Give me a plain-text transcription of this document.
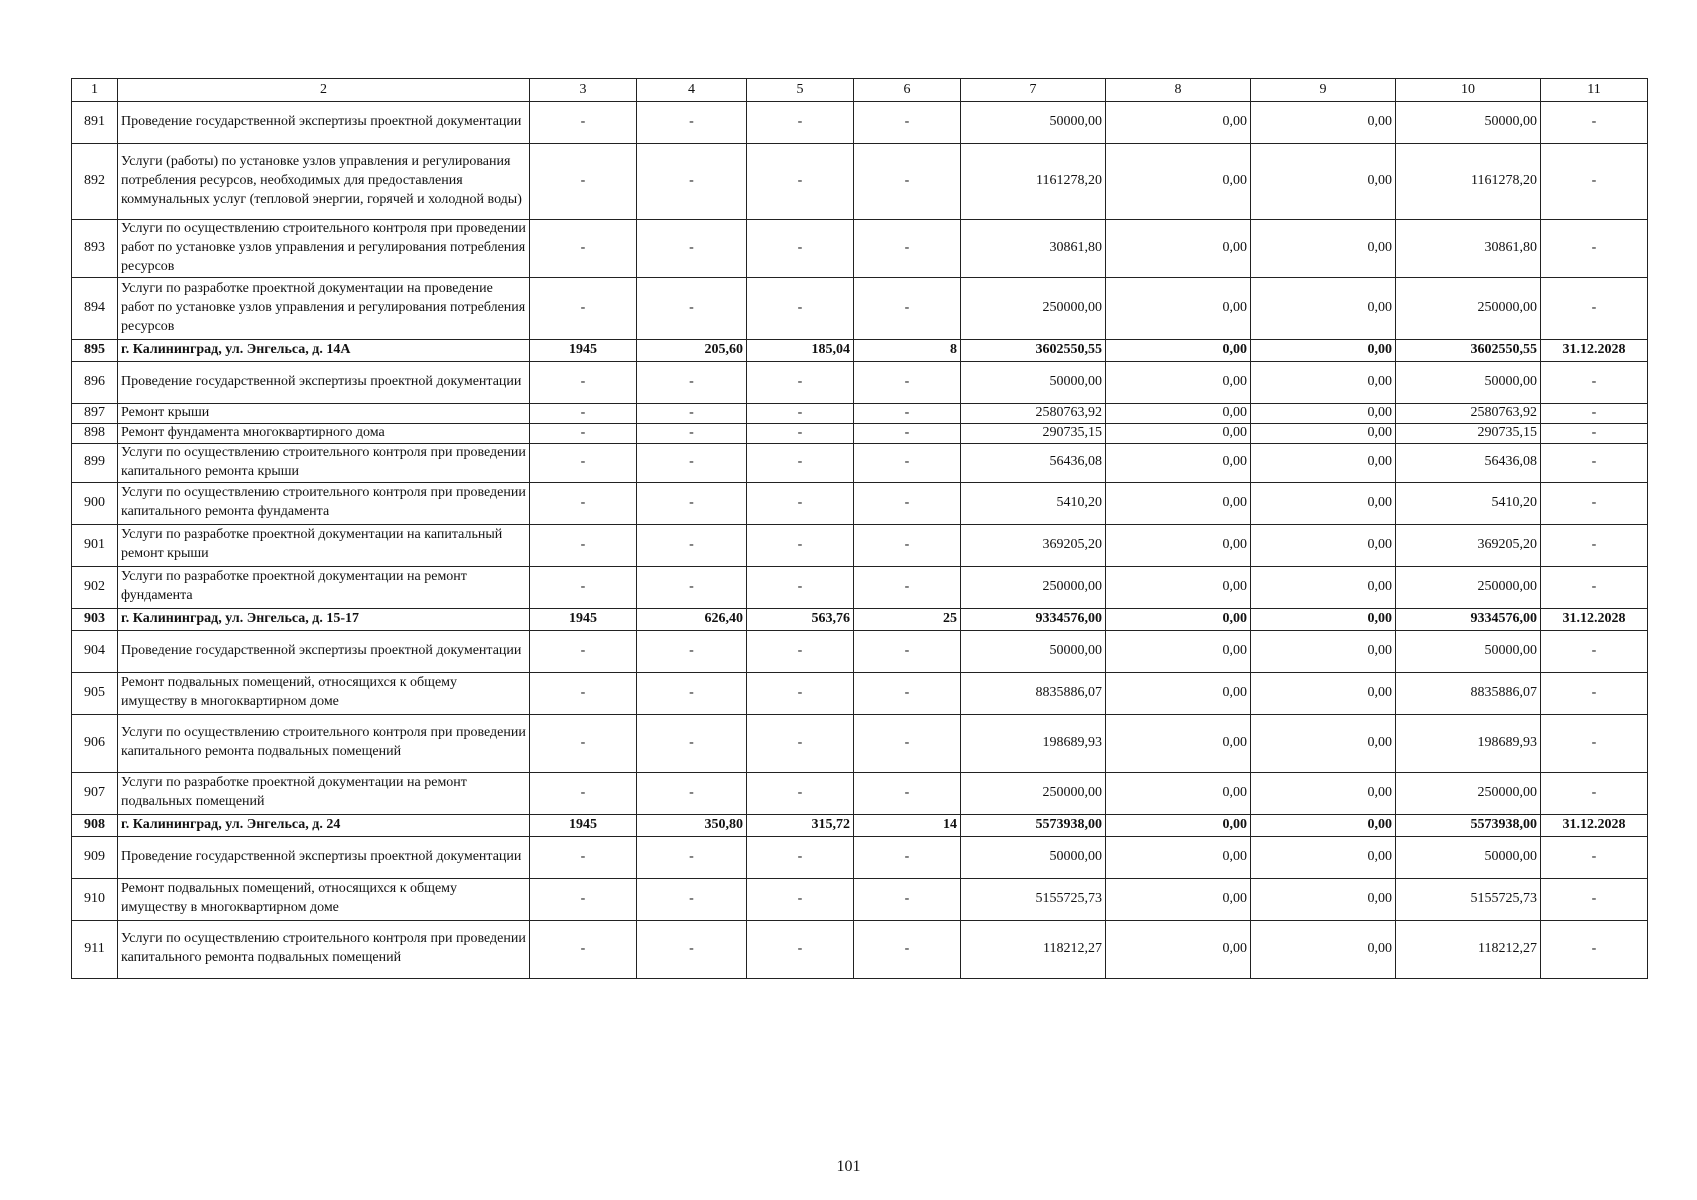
1	2	3	4	5	6	7	8	9	10	11
891	Проведение государственной экспертизы проектной документации	-	-	-	-	50000,00	0,00	0,00	50000,00	-
892	Услуги (работы) по установке узлов управления и регулирования потребления ресурсов, необходимых для предоставления коммунальных услуг (тепловой энергии, горячей и холодной воды)	-	-	-	-	1161278,20	0,00	0,00	1161278,20	-
893	Услуги по осуществлению строительного контроля при проведении работ по установке узлов управления и регулирования потребления ресурсов	-	-	-	-	30861,80	0,00	0,00	30861,80	-
894	Услуги по разработке проектной документации на проведение работ по установке узлов управления и регулирования потребления ресурсов	-	-	-	-	250000,00	0,00	0,00	250000,00	-
895	г. Калининград, ул. Энгельса, д. 14А	1945	205,60	185,04	8	3602550,55	0,00	0,00	3602550,55	31.12.2028
896	Проведение государственной экспертизы проектной документации	-	-	-	-	50000,00	0,00	0,00	50000,00	-
897	Ремонт крыши	-	-	-	-	2580763,92	0,00	0,00	2580763,92	-
898	Ремонт фундамента многоквартирного дома	-	-	-	-	290735,15	0,00	0,00	290735,15	-
899	Услуги по осуществлению строительного контроля при проведении капитального ремонта крыши	-	-	-	-	56436,08	0,00	0,00	56436,08	-
900	Услуги по осуществлению строительного контроля при проведении капитального ремонта фундамента	-	-	-	-	5410,20	0,00	0,00	5410,20	-
901	Услуги по разработке проектной документации на капитальный ремонт крыши	-	-	-	-	369205,20	0,00	0,00	369205,20	-
902	Услуги по разработке проектной документации на ремонт фундамента	-	-	-	-	250000,00	0,00	0,00	250000,00	-
903	г. Калининград, ул. Энгельса, д. 15-17	1945	626,40	563,76	25	9334576,00	0,00	0,00	9334576,00	31.12.2028
904	Проведение государственной экспертизы проектной документации	-	-	-	-	50000,00	0,00	0,00	50000,00	-
905	Ремонт подвальных помещений, относящихся к общему имуществу в многоквартирном доме	-	-	-	-	8835886,07	0,00	0,00	8835886,07	-
906	Услуги по осуществлению строительного контроля при проведении капитального ремонта подвальных помещений	-	-	-	-	198689,93	0,00	0,00	198689,93	-
907	Услуги по разработке проектной документации на ремонт подвальных помещений	-	-	-	-	250000,00	0,00	0,00	250000,00	-
908	г. Калининград, ул. Энгельса, д. 24	1945	350,80	315,72	14	5573938,00	0,00	0,00	5573938,00	31.12.2028
909	Проведение государственной экспертизы проектной документации	-	-	-	-	50000,00	0,00	0,00	50000,00	-
910	Ремонт подвальных помещений, относящихся к общему имуществу в многоквартирном доме	-	-	-	-	5155725,73	0,00	0,00	5155725,73	-
911	Услуги по осуществлению строительного контроля при проведении капитального ремонта подвальных помещений	-	-	-	-	118212,27	0,00	0,00	118212,27	-
101
